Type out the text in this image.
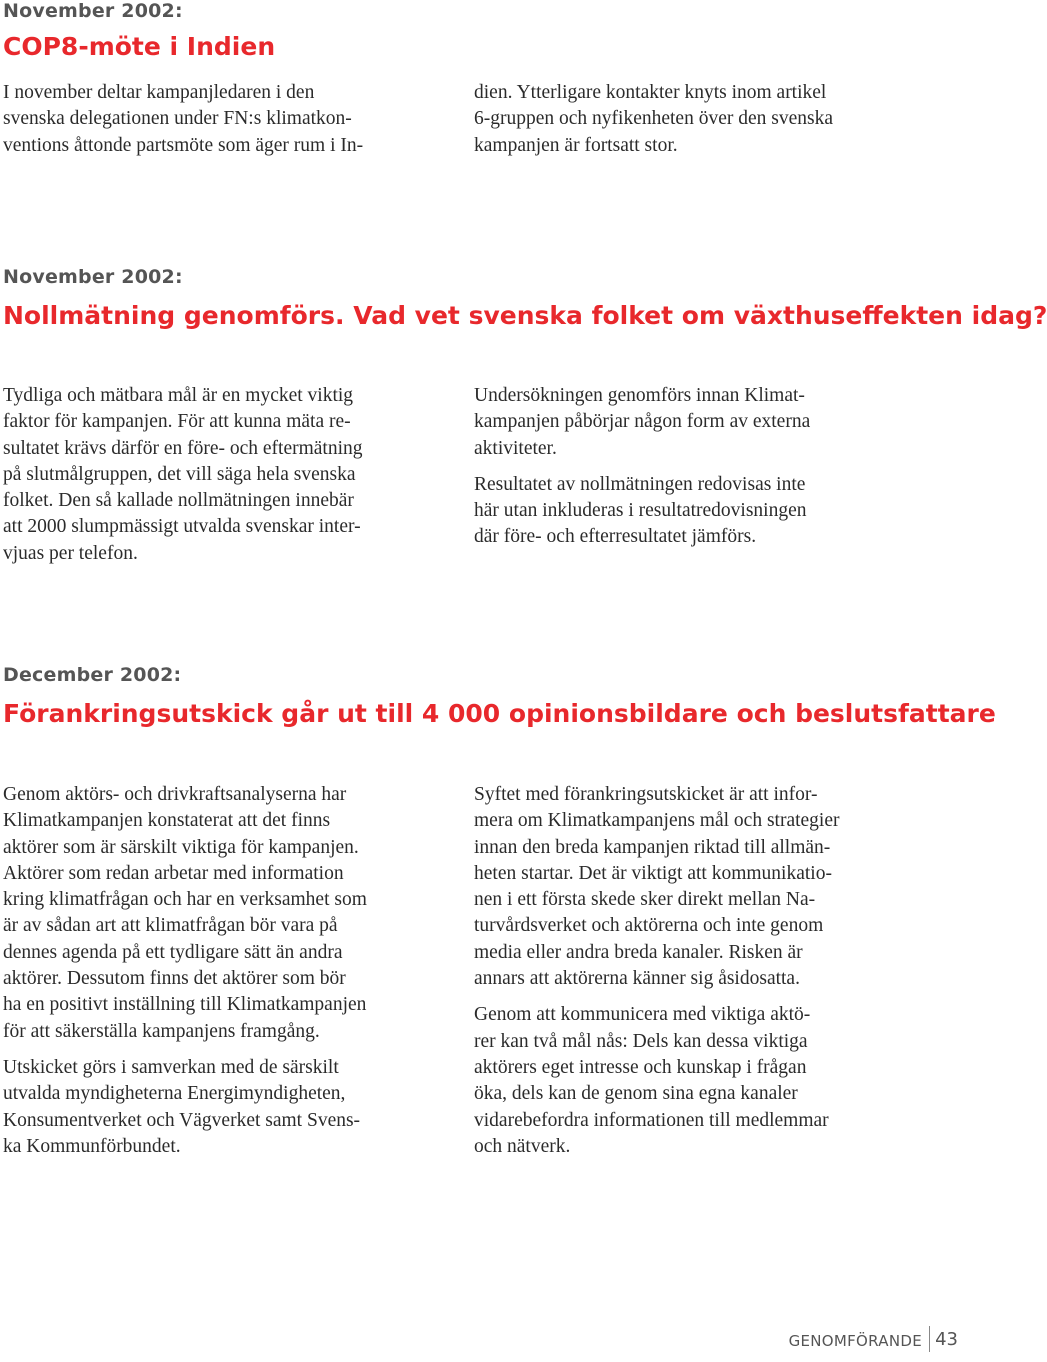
November 2002:
COP8-möte i Indien

I november deltar kampanjledaren i den
svenska delegationen under FN:s klimatkon-
ventions åttonde partsmöte som äger rum i In-

dien. Ytterligare kontakter knyts inom artikel
6-gruppen och nyfikenheten över den svenska
kampanjen är fortsatt stor.

November 2002:
Nollmätning genomförs. Vad vet svenska folket om växthuseffekten idag?

Tydliga och mätbara mål är en mycket viktig
faktor för kampanjen. För att kunna mäta re-
sultatet krävs därför en före- och eftermätning
på slutmålgruppen, det vill säga hela svenska
folket. Den så kallade nollmätningen innebär
att 2000 slumpmässigt utvalda svenskar inter-
vjuas per telefon.

Undersökningen genomförs innan Klimat-
kampanjen påbörjar någon form av externa
aktiviteter.

Resultatet av nollmätningen redovisas inte
här utan inkluderas i resultatredovisningen
där före- och efterresultatet jämförs.

December 2002:
Förankringsutskick går ut till 4 000 opinionsbildare och beslutsfattare

Genom aktörs- och drivkraftsanalyserna har
Klimatkampanjen konstaterat att det finns
aktörer som är särskilt viktiga för kampanjen.
Aktörer som redan arbetar med information
kring klimatfrågan och har en verksamhet som
är av sådan art att klimatfrågan bör vara på
dennes agenda på ett tydligare sätt än andra
aktörer. Dessutom finns det aktörer som bör
ha en positivt inställning till Klimatkampanjen
för att säkerställa kampanjens framgång.

Utskicket görs i samverkan med de särskilt
utvalda myndigheterna Energimyndigheten,
Konsumentverket och Vägverket samt Svens-
ka Kommunförbundet.

Syftet med förankringsutskicket är att infor-
mera om Klimatkampanjens mål och strategier
innan den breda kampanjen riktad till allmän-
heten startar. Det är viktigt att kommunikatio-
nen i ett första skede sker direkt mellan Na-
turvårdsverket och aktörerna och inte genom
media eller andra breda kanaler. Risken är
annars att aktörerna känner sig åsidosatta.

Genom att kommunicera med viktiga aktö-
rer kan två mål nås: Dels kan dessa viktiga
aktörers eget intresse och kunskap i frågan
öka, dels kan de genom sina egna kanaler
vidarebefordra informationen till medlemmar
och nätverk.

GENOMFÖRANDE 43
